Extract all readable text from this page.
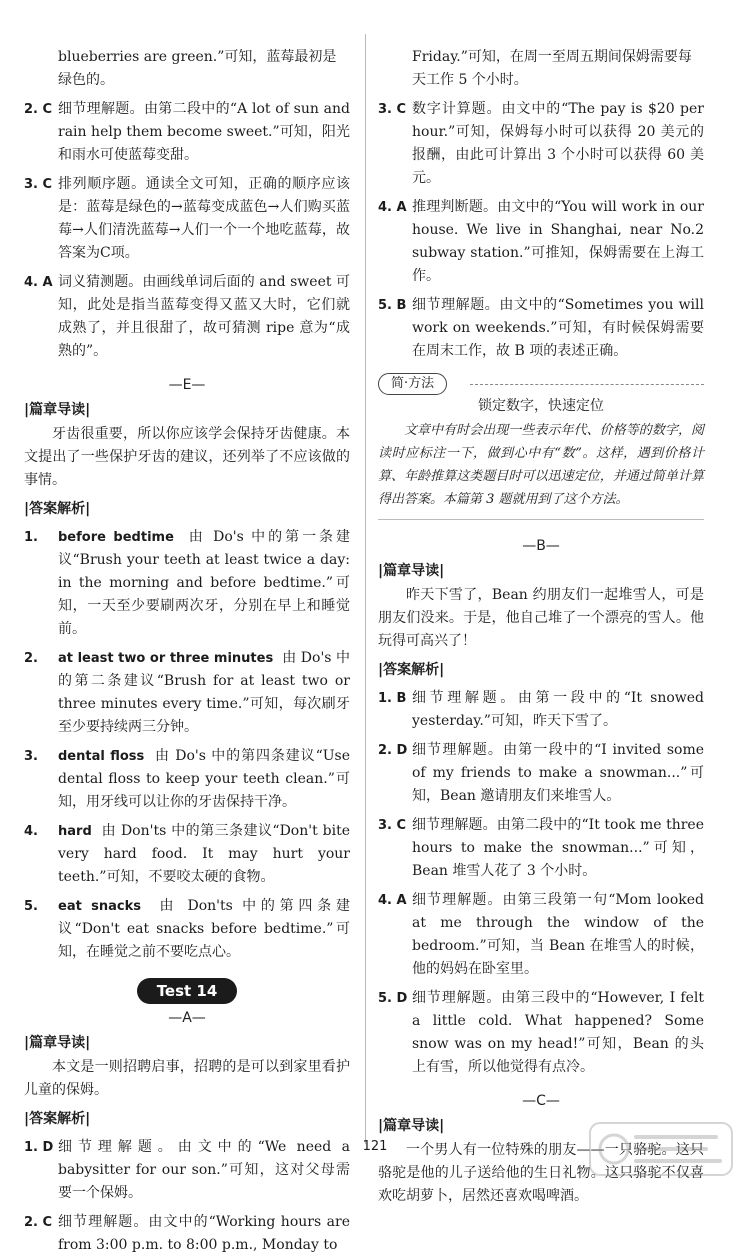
blueberries are green.”可知，蓝莓最初是绿色的。
2. C 细节理解题。由第二段中的“A lot of sun and rain help them become sweet.”可知，阳光和雨水可使蓝莓变甜。
3. C 排列顺序题。通读全文可知，正确的顺序应该是：蓝莓是绿色的→蓝莓变成蓝色→人们购买蓝莓→人们清洗蓝莓→人们一个一个地吃蓝莓，故答案为C项。
4. A 词义猜测题。由画线单词后面的 and sweet 可知，此处是指当蓝莓变得又蓝又大时，它们就成熟了，并且很甜了，故可猜测 ripe 意为“成熟的”。
—E—
|篇章导读|
牙齿很重要，所以你应该学会保持牙齿健康。本文提出了一些保护牙齿的建议，还列举了不应该做的事情。
|答案解析|
1.	before bedtime 由 Do's 中的第一条建议“Brush your teeth at least twice a day: in the morning and before bedtime.”可知，一天至少要刷两次牙，分别在早上和睡觉前。
2.	at least two or three minutes 由 Do's 中的第二条建议“Brush for at least two or three minutes every time.”可知，每次刷牙至少要持续两三分钟。
3.	dental floss 由 Do's 中的第四条建议“Use dental floss to keep your teeth clean.”可知，用牙线可以让你的牙齿保持干净。
4.	hard 由 Don'ts 中的第三条建议“Don't bite very hard food. It may hurt your teeth.”可知，不要咬太硬的食物。
5.	eat snacks 由 Don'ts 中的第四条建议“Don't eat snacks before bedtime.”可知，在睡觉之前不要吃点心。
Test 14
—A—
|篇章导读|
本文是一则招聘启事，招聘的是可以到家里看护儿童的保姆。
|答案解析|
1. D 细节理解题。由文中的“We need a babysitter for our son.”可知，这对父母需要一个保姆。
2. C 细节理解题。由文中的“Working hours are from 3:00 p.m. to 8:00 p.m., Monday to
Friday.”可知，在周一至周五期间保姆需要每天工作 5 个小时。
3. C 数字计算题。由文中的“The pay is $20 per hour.”可知，保姆每小时可以获得 20 美元的报酬，由此可计算出 3 个小时可以获得 60 美元。
4. A 推理判断题。由文中的“You will work in our house. We live in Shanghai, near No.2 subway station.”可推知，保姆需要在上海工作。
5. B 细节理解题。由文中的“Sometimes you will work on weekends.”可知，有时候保姆需要在周末工作，故 B 项的表述正确。
简·方法
锁定数字，快速定位
文章中有时会出现一些表示年代、价格等的数字，阅读时应标注一下，做到心中有“数”。这样，遇到价格计算、年龄推算这类题目时可以迅速定位，并通过简单计算得出答案。本篇第 3 题就用到了这个方法。
—B—
|篇章导读|
昨天下雪了，Bean 约朋友们一起堆雪人，可是朋友们没来。于是，他自己堆了一个漂亮的雪人。他玩得可高兴了！
|答案解析|
1. B 细节理解题。由第一段中的“It snowed yesterday.”可知，昨天下雪了。
2. D 细节理解题。由第一段中的“I invited some of my friends to make a snowman...”可知，Bean 邀请朋友们来堆雪人。
3. C 细节理解题。由第二段中的“It took me three hours to make the snowman...”可知，Bean 堆雪人花了 3 个小时。
4. A 细节理解题。由第三段第一句“Mom looked at me through the window of the bedroom.”可知，当 Bean 在堆雪人的时候，他的妈妈在卧室里。
5. D 细节理解题。由第三段中的“However, I felt a little cold. What happened? Some snow was on my head!”可知，Bean 的头上有雪，所以他觉得有点冷。
—C—
|篇章导读|
一个男人有一位特殊的朋友——一只骆驼。这只骆驼是他的儿子送给他的生日礼物。这只骆驼不仅喜欢吃胡萝卜，居然还喜欢喝啤酒。
121
